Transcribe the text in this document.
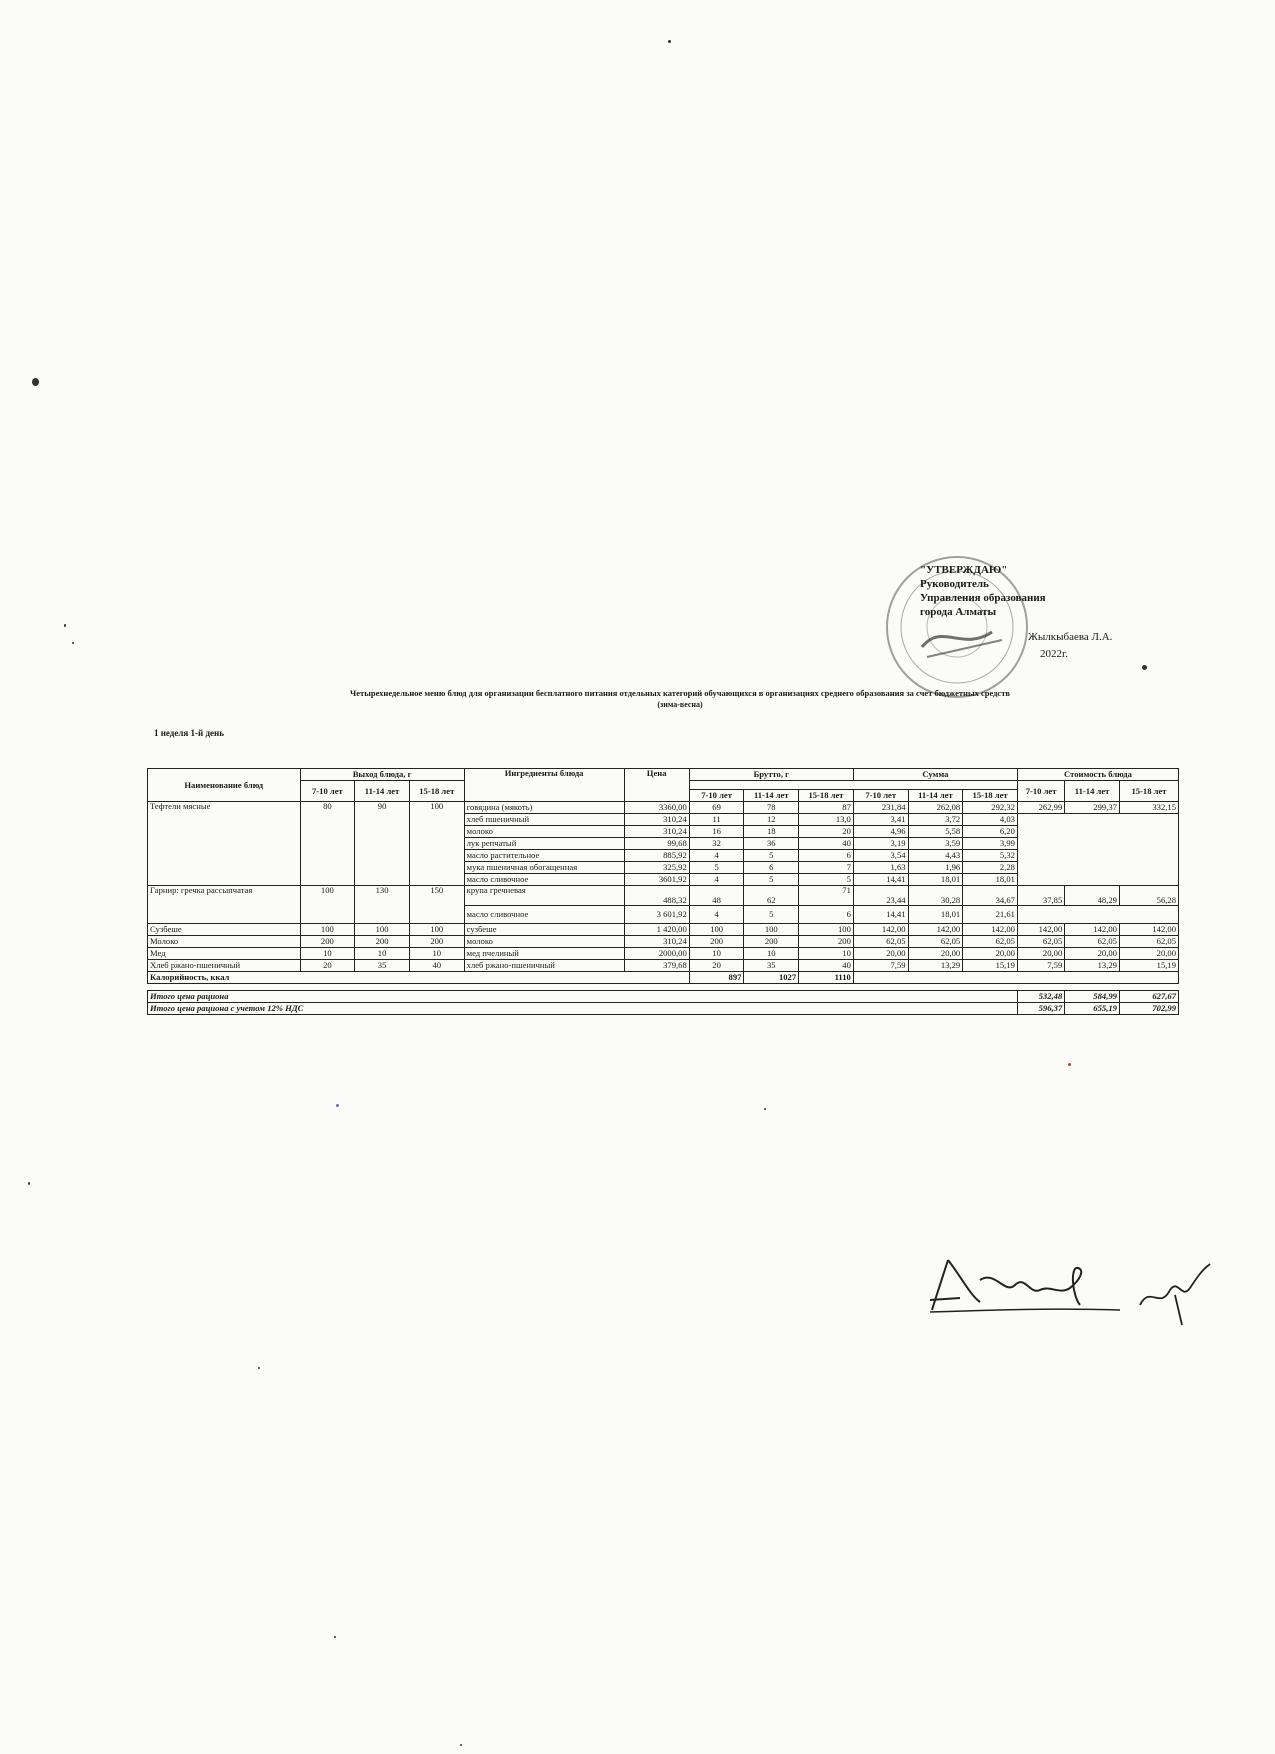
"УТВЕРЖДАЮ"
Руководитель
Управления образования
города Алматы
Жылкыбаева Л.А.
2022г.
Четырехнедельное меню блюд для организации бесплатного питания отдельных категорий обучающихся в организациях среднего образования за счет бюджетных средств
(зима-весна)
1 неделя 1-й день
Наименование блюд	Выход блюда, г			Ингредиенты блюда	Цена	Брутто, г			Сумма			Стоимость блюда		
	7-10 лет	11-14 лет	15-18 лет									7-10 лет	11-14 лет	15-18 лет
						7-10 лет	11-14 лет	15-18 лет	7-10 лет	11-14 лет	15-18 лет			
Тефтели мясные	80	90	100	говядина (мякоть)	3360,00	69	78	87	231,84	262,08	292,32	262,99	299,37	332,15
				хлеб пшеничный	310,24	11	12	13,0	3,41	3,72	4,03			
				молоко	310,24	16	18	20	4,96	5,58	6,20			
				лук репчатый	99,68	32	36	40	3,19	3,59	3,99			
				масло растительное	885,92	4	5	6	3,54	4,43	5,32			
				мука пшеничная обогащенная	325,92	5	6	7	1,63	1,96	2,28			
				масло сливочное	3601,92	4	5	5	14,41	18,01	18,01			
Гарнир: гречка рассыпчатая	100	130	150	крупа гречневая	488,32	48	62	71	23,44	30,28	34,67	37,85	48,29	56,28
				масло сливочное	3 601,92	4	5	6	14,41	18,01	21,61			
Сузбеше	100	100	100	сузбеше	1 420,00	100	100	100	142,00	142,00	142,00	142,00	142,00	142,00
Молоко	200	200	200	молоко	310,24	200	200	200	62,05	62,05	62,05	62,05	62,05	62,05
Мед	10	10	10	мед пчелиный	2000,00	10	10	10	20,00	20,00	20,00	20,00	20,00	20,00
Хлеб ржано-пшеничный	20	35	40	хлеб ржано-пшеничный	379,68	20	35	40	7,59	13,29	15,19	7,59	13,29	15,19
Калорийность, ккал						897	1027	1110						

Итого цена рациона												532,48	584,99	627,67
Итого цена рациона с учетом 12% НДС												596,37	655,19	702,99
